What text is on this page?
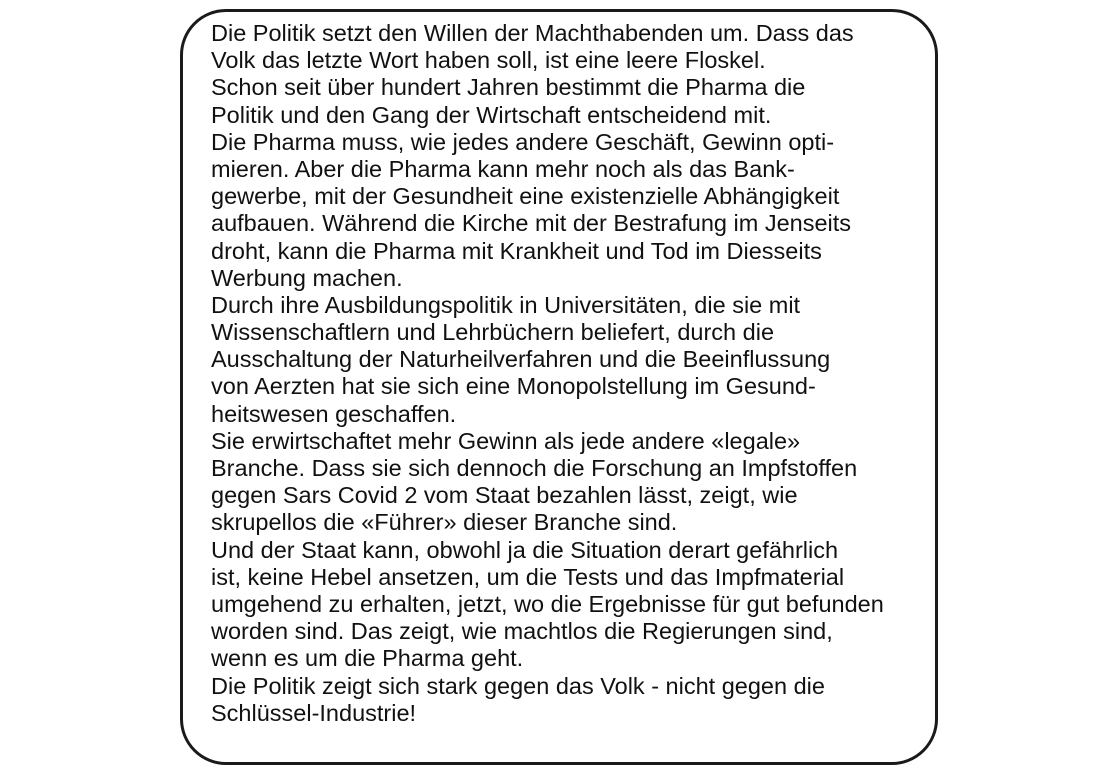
Die Politik setzt den Willen der Machthabenden um. Dass das
Volk das letzte Wort haben soll, ist eine leere Floskel.
Schon seit über hundert Jahren bestimmt die Pharma die
Politik und den Gang der Wirtschaft entscheidend mit.
Die Pharma muss, wie jedes andere Geschäft, Gewinn opti-
mieren. Aber die Pharma kann mehr noch als das Bank-
gewerbe, mit der Gesundheit eine existenzielle Abhängigkeit
aufbauen. Während die Kirche mit der Bestrafung im Jenseits
droht, kann die Pharma mit Krankheit und Tod im Diesseits
Werbung machen.
Durch ihre Ausbildungspolitik in Universitäten, die sie mit
Wissenschaftlern und Lehrbüchern beliefert, durch die
Ausschaltung der Naturheilverfahren und die Beeinflussung
von Aerzten hat sie sich eine Monopolstellung im Gesund-
heitswesen geschaffen.
Sie erwirtschaftet mehr Gewinn als jede andere «legale»
Branche. Dass sie sich dennoch die Forschung an Impfstoffen
gegen Sars Covid 2 vom Staat bezahlen lässt, zeigt, wie
skrupellos die «Führer» dieser Branche sind.
Und der Staat kann, obwohl ja die Situation derart gefährlich
ist, keine Hebel ansetzen, um die Tests und das Impfmaterial
umgehend zu erhalten, jetzt, wo die Ergebnisse für gut befunden
worden sind. Das zeigt, wie machtlos die Regierungen sind,
wenn es um die Pharma geht.
Die Politik zeigt sich stark gegen das Volk - nicht gegen die
Schlüssel-Industrie!
